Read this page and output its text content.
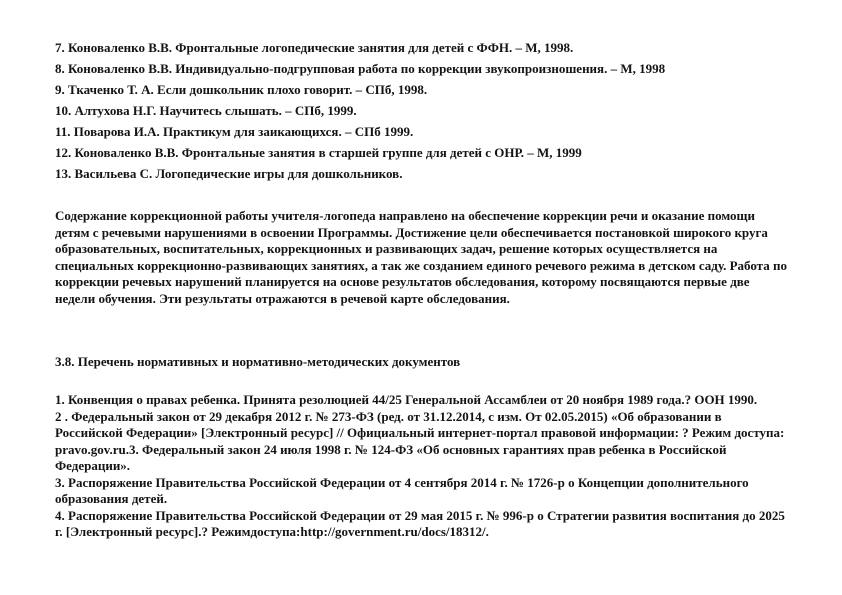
7. Коноваленко В.В. Фронтальные логопедические занятия для детей с ФФН. – М, 1998.
8. Коноваленко В.В. Индивидуально-подгрупповая работа по коррекции звукопроизношения. – М, 1998
9. Ткаченко Т. А. Если дошкольник плохо говорит. – СПб, 1998.
10. Алтухова Н.Г. Научитесь слышать. – СПб, 1999.
11. Поварова И.А. Практикум для заикающихся. – СПб 1999.
12. Коноваленко В.В. Фронтальные занятия в старшей группе для детей с ОНР. – М, 1999
13. Васильева С. Логопедические игры для дошкольников.
Содержание коррекционной работы учителя-логопеда направлено на обеспечение коррекции речи и оказание помощи детям с речевыми нарушениями в освоении Программы. Достижение цели обеспечивается постановкой широкого круга образовательных, воспитательных, коррекционных и развивающих задач, решение которых осуществляется на специальных коррекционно-развивающих занятиях, а так же созданием единого речевого режима в детском саду. Работа по коррекции речевых нарушений планируется на основе результатов обследования, которому посвящаются первые две недели обучения. Эти результаты отражаются в речевой карте обследования.
3.8. Перечень нормативных и нормативно-методических документов
1. Конвенция о правах ребенка. Принята резолюцией 44/25 Генеральной Ассамблеи от 20 ноября 1989 года.? ООН 1990.
2 . Федеральный закон от 29 декабря 2012 г. № 273-ФЗ (ред. от 31.12.2014, с изм. От 02.05.2015) «Об образовании в Российской Федерации» [Электронный ресурс] // Официальный интернет-портал правовой информации: ? Режим доступа: pravo.gov.ru.3. Федеральный закон 24 июля 1998 г. № 124-ФЗ «Об основных гарантиях прав ребенка в Российской Федерации».
3. Распоряжение Правительства Российской Федерации от 4 сентября 2014 г. № 1726-р о Концепции дополнительного образования детей.
4. Распоряжение Правительства Российской Федерации от 29 мая 2015 г. № 996-р о Стратегии развития воспитания до 2025 г. [Электронный ресурс].? Режимдоступа:http://government.ru/docs/18312/.
